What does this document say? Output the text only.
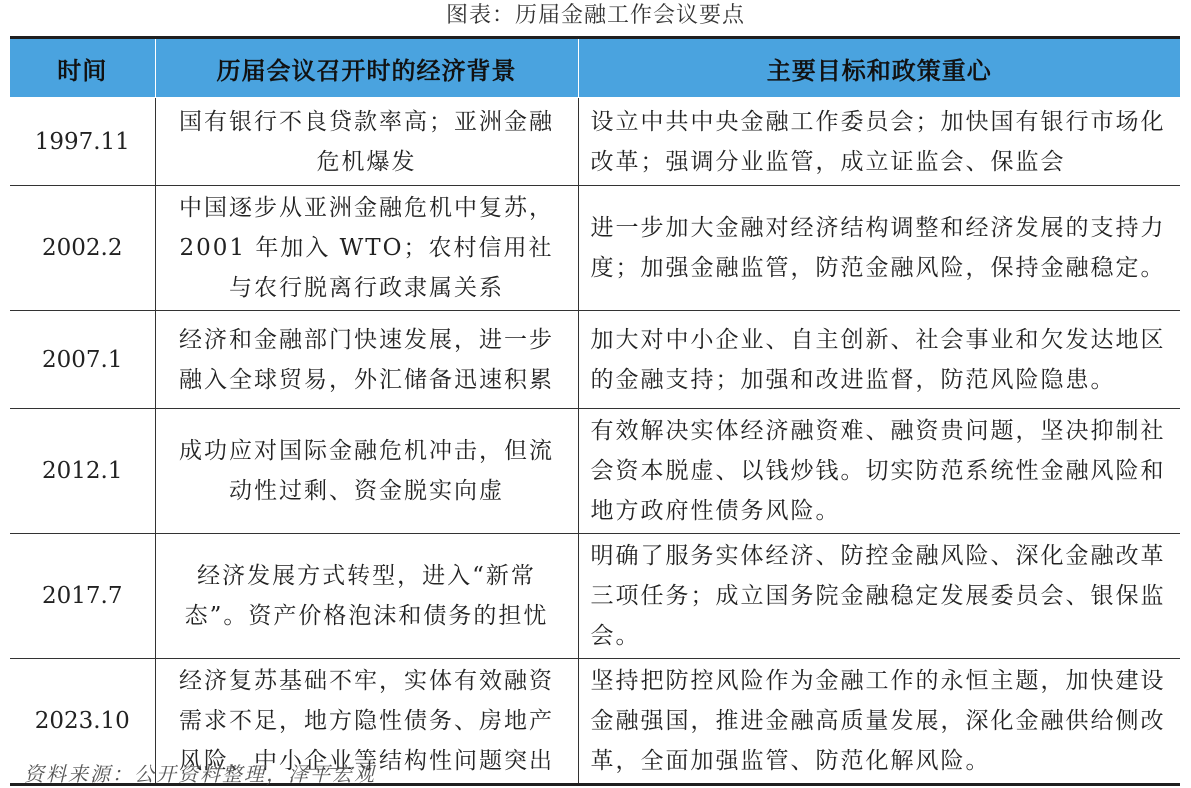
图表：历届金融工作会议要点
时间	历届会议召开时的经济背景	主要目标和政策重心
1997.11	国有银行不良贷款率高；亚洲金融危机爆发	设立中共中央金融工作委员会；加快国有银行市场化改革；强调分业监管，成立证监会、保监会
2002.2	中国逐步从亚洲金融危机中复苏，2001 年加入 WTO；农村信用社与农行脱离行政隶属关系	进一步加大金融对经济结构调整和经济发展的支持力度；加强金融监管，防范金融风险，保持金融稳定。
2007.1	经济和金融部门快速发展，进一步融入全球贸易，外汇储备迅速积累	加大对中小企业、自主创新、社会事业和欠发达地区的金融支持；加强和改进监督，防范风险隐患。
2012.1	成功应对国际金融危机冲击，但流动性过剩、资金脱实向虚	有效解决实体经济融资难、融资贵问题，坚决抑制社会资本脱虚、以钱炒钱。切实防范系统性金融风险和地方政府性债务风险。
2017.7	经济发展方式转型，进入“新常态”。资产价格泡沫和债务的担忧	明确了服务实体经济、防控金融风险、深化金融改革三项任务；成立国务院金融稳定发展委员会、银保监会。
2023.10	经济复苏基础不牢，实体有效融资需求不足，地方隐性债务、房地产风险、中小企业等结构性问题突出	坚持把防控风险作为金融工作的永恒主题，加快建设金融强国，推进金融高质量发展，深化金融供给侧改革，全面加强监管、防范化解风险。
资料来源：公开资料整理，泽平宏观
